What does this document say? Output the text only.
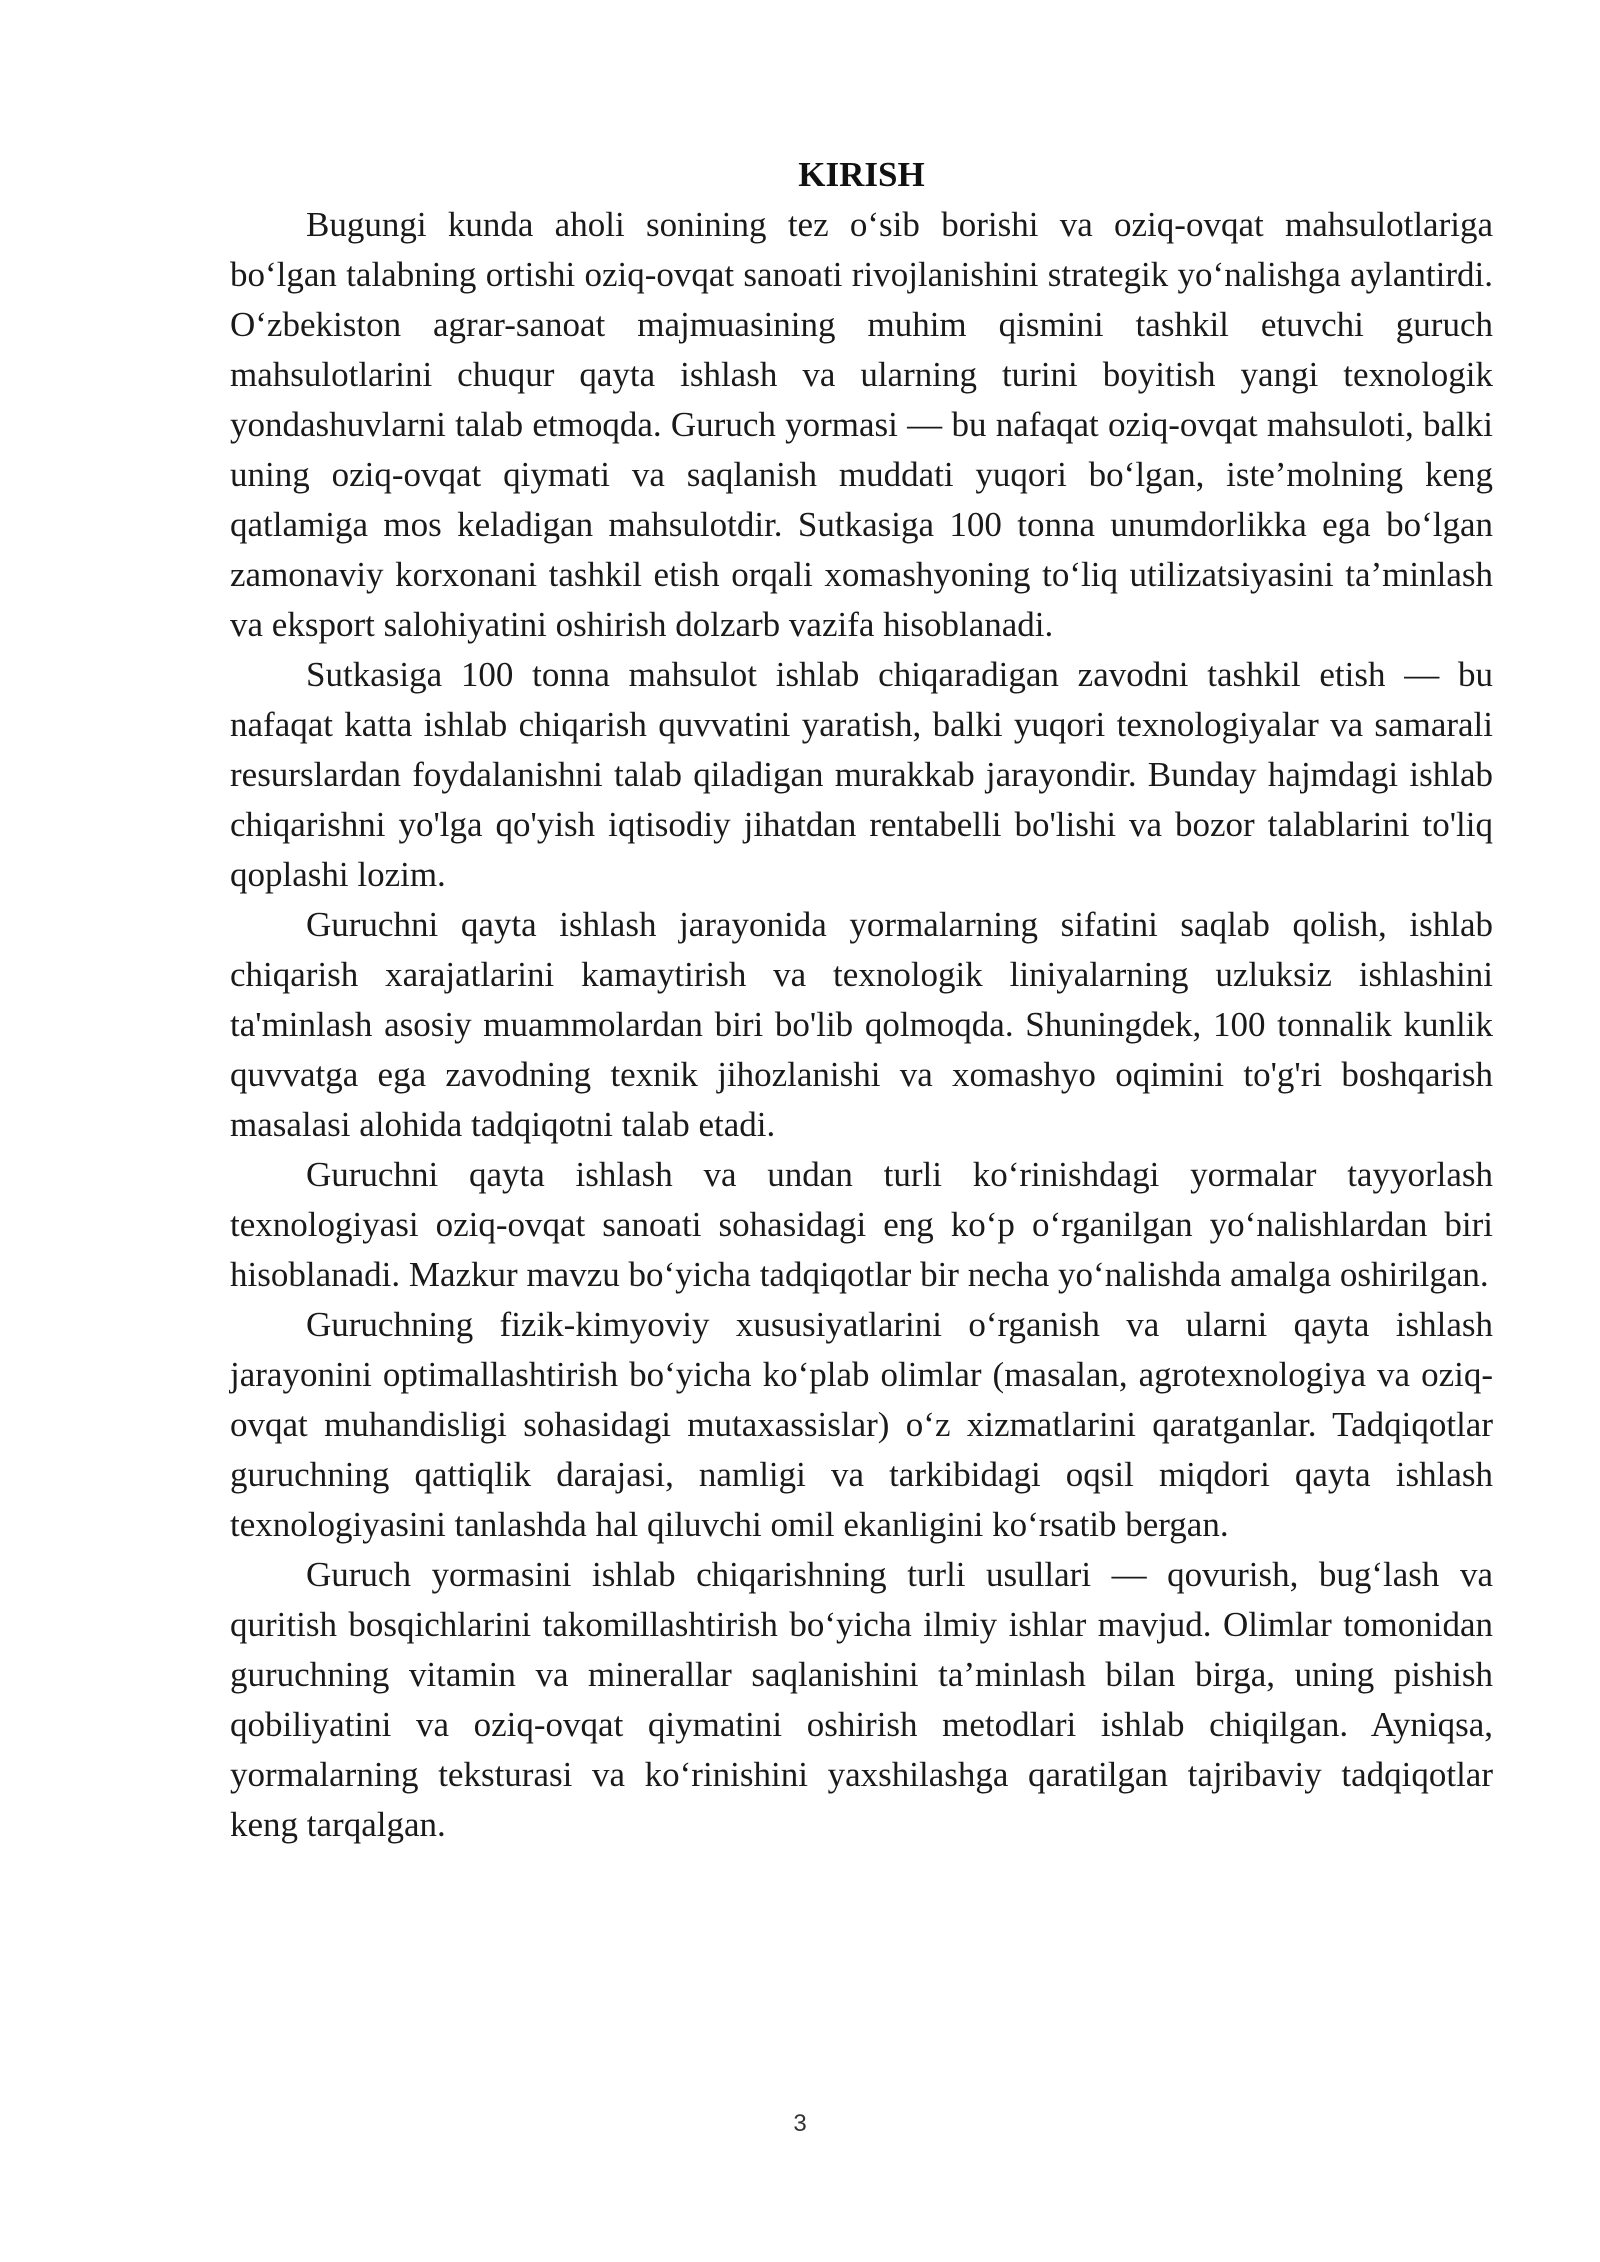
KIRISH

Bugungi kunda aholi sonining tez o‘sib borishi va oziq-ovqat mahsulotlariga bo‘lgan talabning ortishi oziq-ovqat sanoati rivojlanishini strategik yo‘nalishga aylantirdi. O‘zbekiston agrar-sanoat majmuasining muhim qismini tashkil etuvchi guruch mahsulotlarini chuqur qayta ishlash va ularning turini boyitish yangi texnologik yondashuvlarni talab etmoqda. Guruch yormasi — bu nafaqat oziq-ovqat mahsuloti, balki uning oziq-ovqat qiymati va saqlanish muddati yuqori bo‘lgan, iste’molning keng qatlamiga mos keladigan mahsulotdir. Sutkasiga 100 tonna unumdorlikka ega bo‘lgan zamonaviy korxonani tashkil etish orqali xomashyoning to‘liq utilizatsiyasini ta’minlash va eksport salohiyatini oshirish dolzarb vazifa hisoblanadi.

Sutkasiga 100 tonna mahsulot ishlab chiqaradigan zavodni tashkil etish — bu nafaqat katta ishlab chiqarish quvvatini yaratish, balki yuqori texnologiyalar va samarali resurslardan foydalanishni talab qiladigan murakkab jarayondir. Bunday hajmdagi ishlab chiqarishni yo'lga qo'yish iqtisodiy jihatdan rentabelli bo'lishi va bozor talablarini to'liq qoplashi lozim.

Guruchni qayta ishlash jarayonida yormalarning sifatini saqlab qolish, ishlab chiqarish xarajatlarini kamaytirish va texnologik liniyalarning uzluksiz ishlashini ta'minlash asosiy muammolardan biri bo'lib qolmoqda. Shuningdek, 100 tonnalik kunlik quvvatga ega zavodning texnik jihozlanishi va xomashyo oqimini to'g'ri boshqarish masalasi alohida tadqiqotni talab etadi.

Guruchni qayta ishlash va undan turli ko‘rinishdagi yormalar tayyorlash texnologiyasi oziq-ovqat sanoati sohasidagi eng ko‘p o‘rganilgan yo‘nalishlardan biri hisoblanadi. Mazkur mavzu bo‘yicha tadqiqotlar bir necha yo‘nalishda amalga oshirilgan.

Guruchning fizik-kimyoviy xususiyatlarini o‘rganish va ularni qayta ishlash jarayonini optimallashtirish bo‘yicha ko‘plab olimlar (masalan, agrotexnologiya va oziq-ovqat muhandisligi sohasidagi mutaxassislar) o‘z xizmatlarini qaratganlar. Tadqiqotlar guruchning qattiqlik darajasi, namligi va tarkibidagi oqsil miqdori qayta ishlash texnologiyasini tanlashda hal qiluvchi omil ekanligini ko‘rsatib bergan.

Guruch yormasini ishlab chiqarishning turli usullari — qovurish, bug‘lash va quritish bosqichlarini takomillashtirish bo‘yicha ilmiy ishlar mavjud. Olimlar tomonidan guruchning vitamin va minerallar saqlanishini ta’minlash bilan birga, uning pishish qobiliyatini va oziq-ovqat qiymatini oshirish metodlari ishlab chiqilgan. Ayniqsa, yormalarning teksturasi va ko‘rinishini yaxshilashga qaratilgan tajribaviy tadqiqotlar keng tarqalgan.

3
